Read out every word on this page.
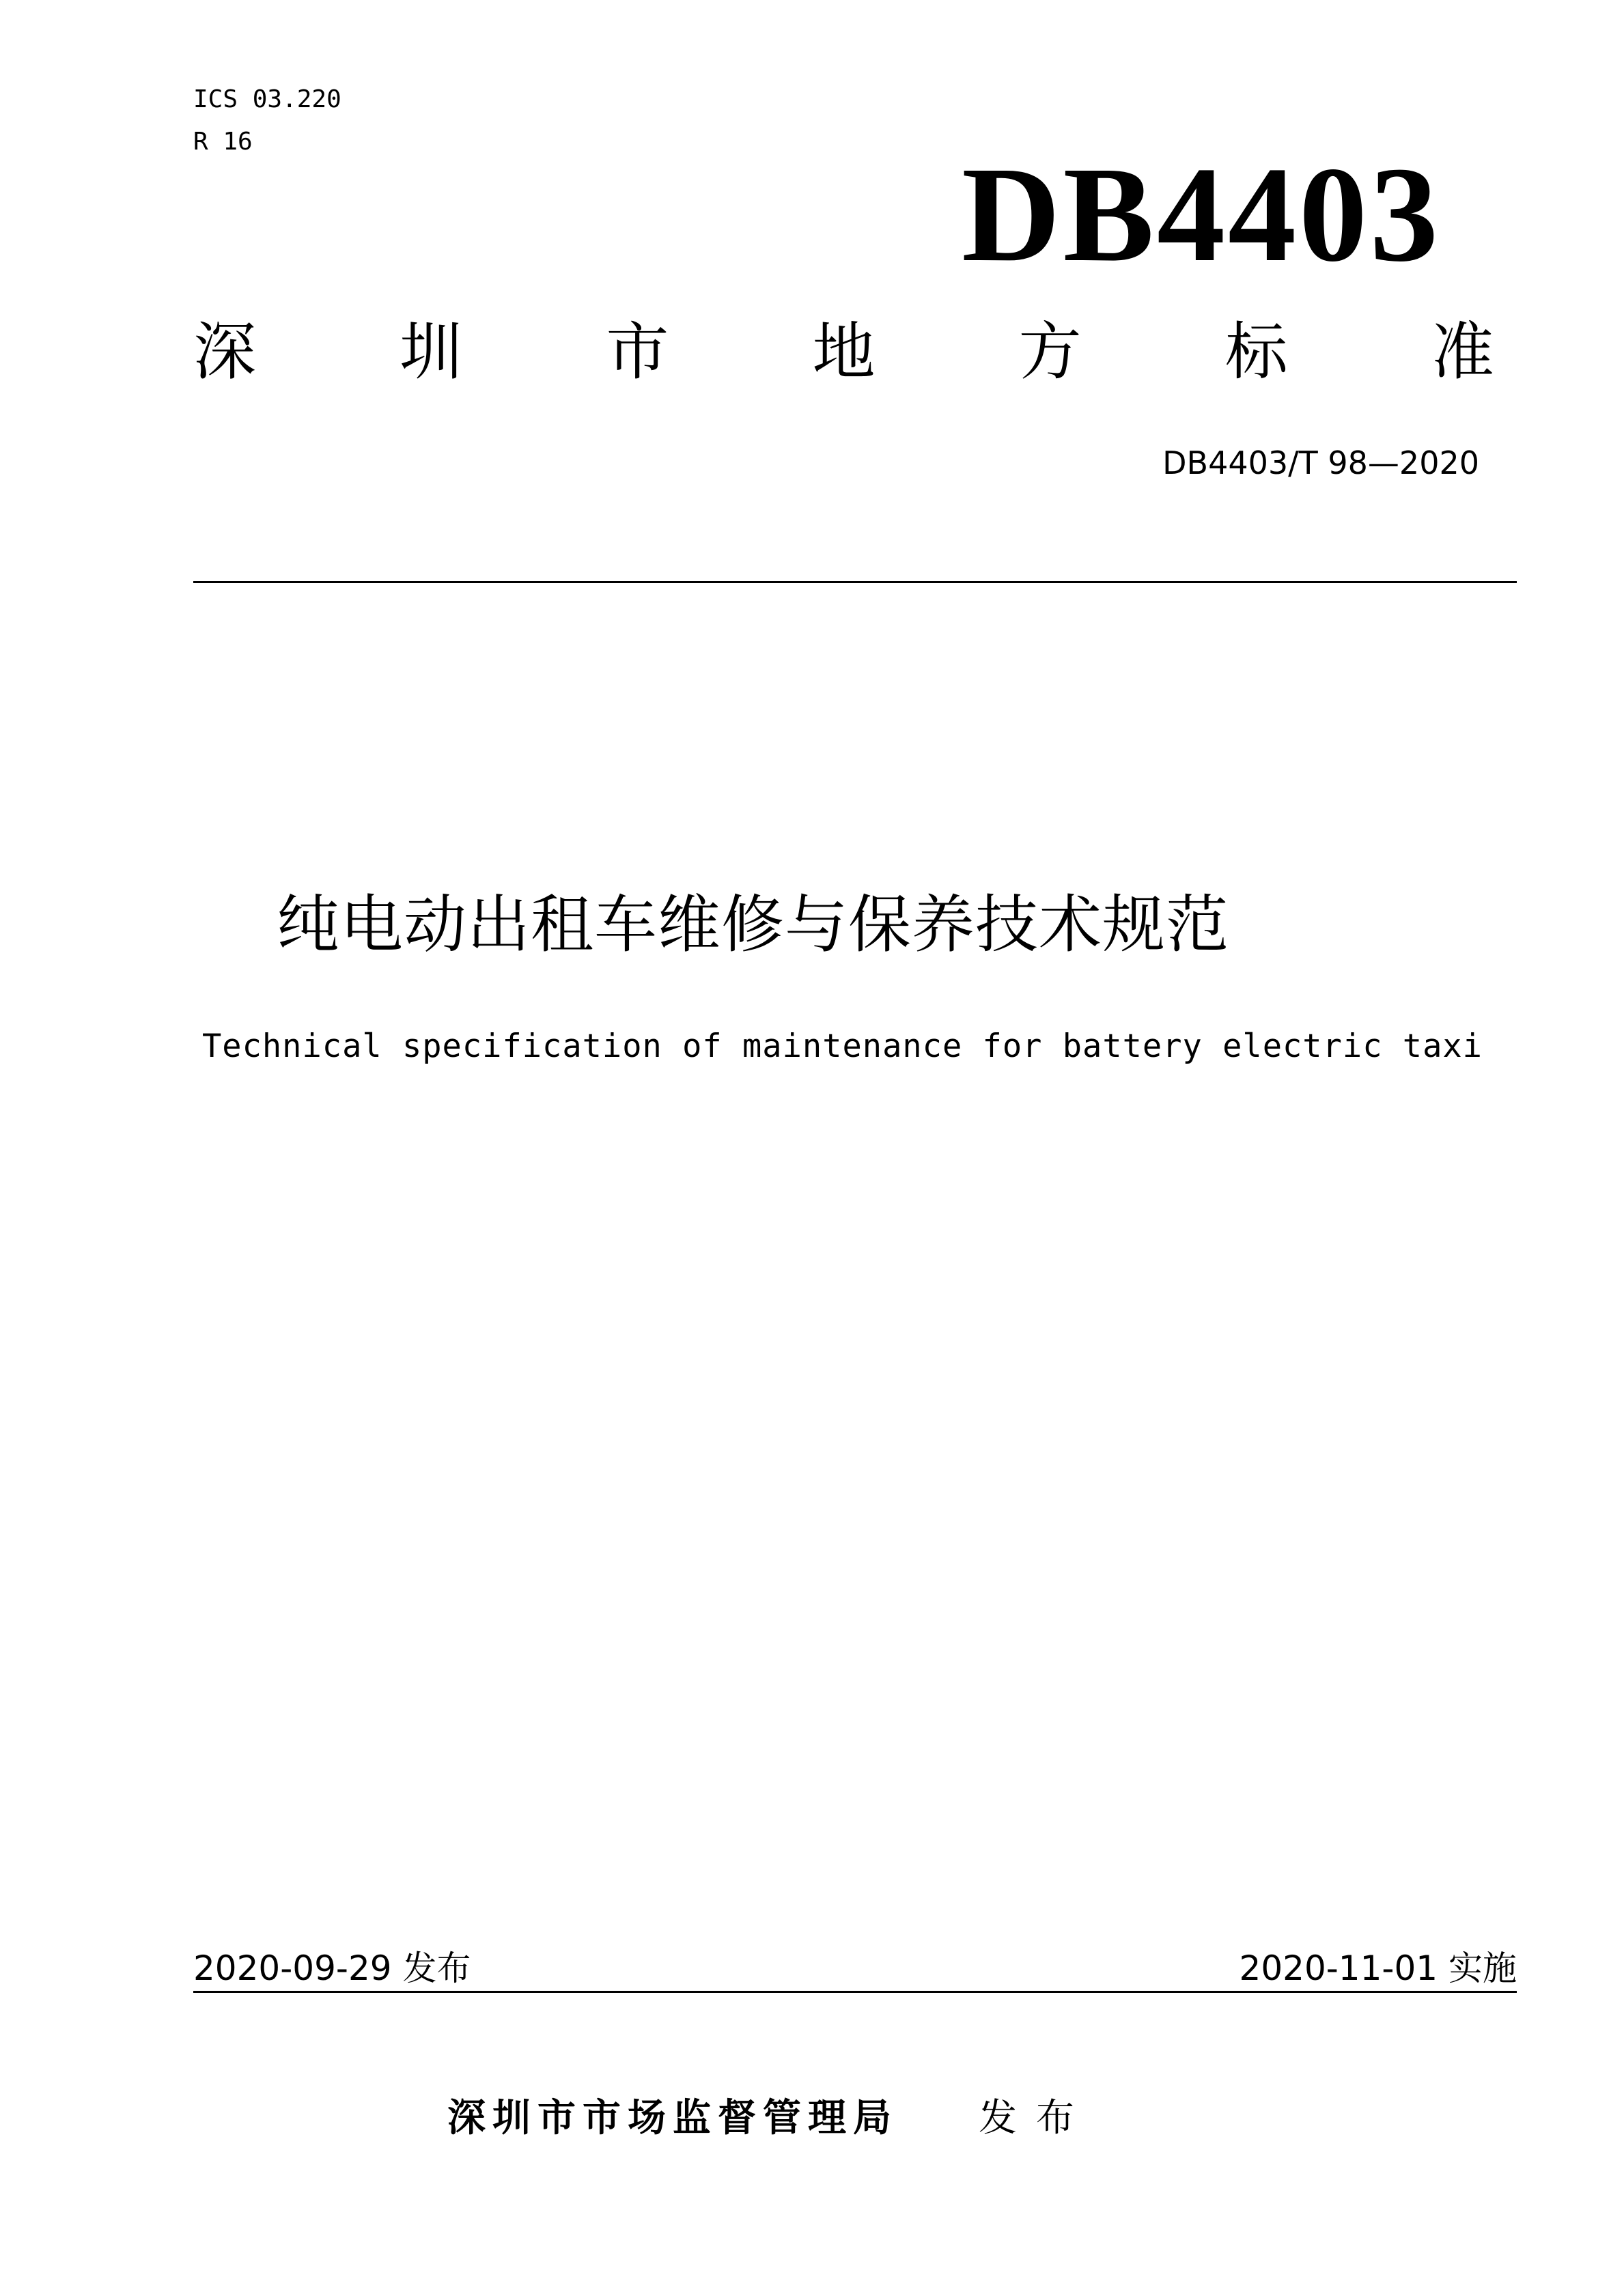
ICS 03.220
R 16	DB4403
深 圳 市 地 方 标 准
DB4403/T 98—2020
纯电动出租车维修与保养技术规范
Technical specification of maintenance for battery electric taxi
2020-09-29 发布	2020-11-01 实施
深圳市市场监督管理局 发布
